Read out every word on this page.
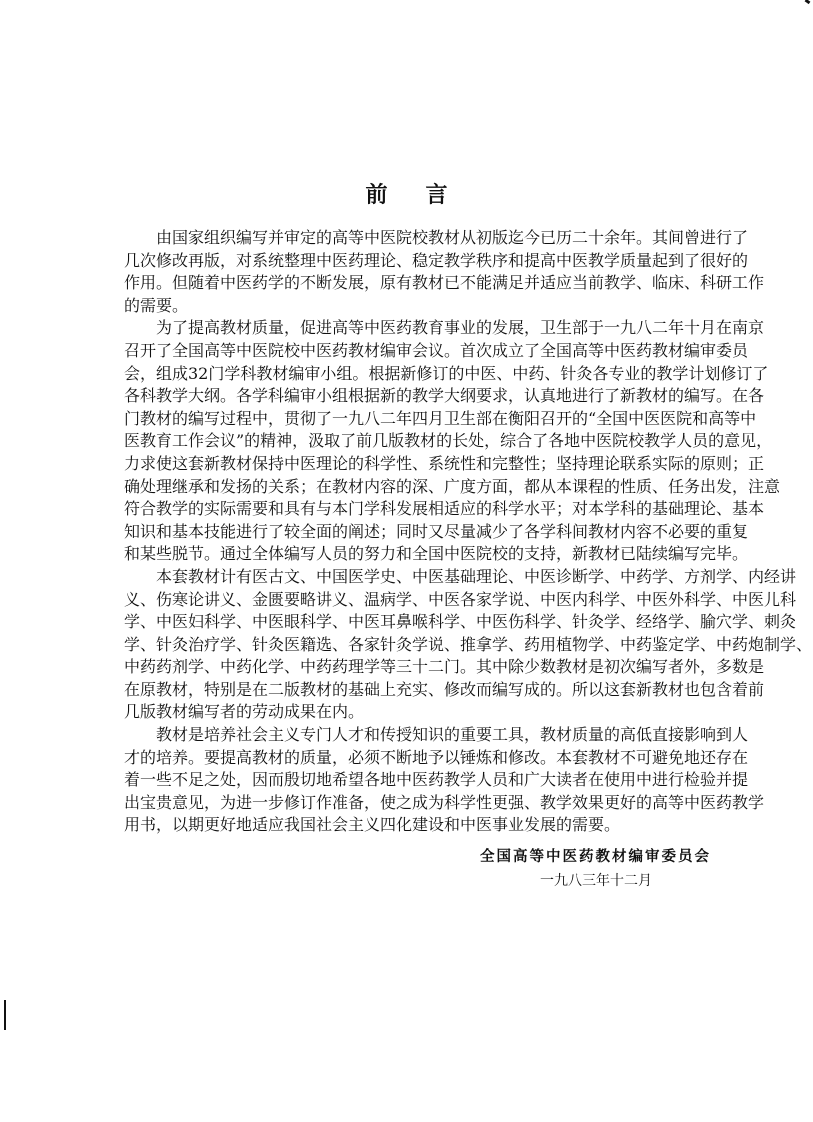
前言
　　由国家组织编写并审定的高等中医院校教材从初版迄今已历二十余年。其间曾进行了
几次修改再版，对系统整理中医药理论、稳定教学秩序和提高中医教学质量起到了很好的
作用。但随着中医药学的不断发展，原有教材已不能满足并适应当前教学、临床、科研工作
的需要。
　　为了提高教材质量，促进高等中医药教育事业的发展，卫生部于一九八二年十月在南京
召开了全国高等中医院校中医药教材编审会议。首次成立了全国高等中医药教材编审委员
会，组成32门学科教材编审小组。根据新修订的中医、中药、针灸各专业的教学计划修订了
各科教学大纲。各学科编审小组根据新的教学大纲要求，认真地进行了新教材的编写。在各
门教材的编写过程中，贯彻了一九八二年四月卫生部在衡阳召开的“全国中医医院和高等中
医教育工作会议”的精神，汲取了前几版教材的长处，综合了各地中医院校教学人员的意见，
力求使这套新教材保持中医理论的科学性、系统性和完整性；坚持理论联系实际的原则；正
确处理继承和发扬的关系；在教材内容的深、广度方面，都从本课程的性质、任务出发，注意
符合教学的实际需要和具有与本门学科发展相适应的科学水平；对本学科的基础理论、基本
知识和基本技能进行了较全面的阐述；同时又尽量减少了各学科间教材内容不必要的重复
和某些脱节。通过全体编写人员的努力和全国中医院校的支持，新教材已陆续编写完毕。
　　本套教材计有医古文、中国医学史、中医基础理论、中医诊断学、中药学、方剂学、内经讲
义、伤寒论讲义、金匮要略讲义、温病学、中医各家学说、中医内科学、中医外科学、中医儿科
学、中医妇科学、中医眼科学、中医耳鼻喉科学、中医伤科学、针灸学、经络学、腧穴学、刺灸
学、针灸治疗学、针灸医籍选、各家针灸学说、推拿学、药用植物学、中药鉴定学、中药炮制学、
中药药剂学、中药化学、中药药理学等三十二门。其中除少数教材是初次编写者外，多数是
在原教材，特别是在二版教材的基础上充实、修改而编写成的。所以这套新教材也包含着前
几版教材编写者的劳动成果在内。
　　教材是培养社会主义专门人才和传授知识的重要工具，教材质量的高低直接影响到人
才的培养。要提高教材的质量，必须不断地予以锤炼和修改。本套教材不可避免地还存在
着一些不足之处，因而殷切地希望各地中医药教学人员和广大读者在使用中进行检验并提
出宝贵意见，为进一步修订作准备，使之成为科学性更强、教学效果更好的高等中医药教学
用书，以期更好地适应我国社会主义四化建设和中医事业发展的需要。
全国高等中医药教材编审委员会
一九八三年十二月
